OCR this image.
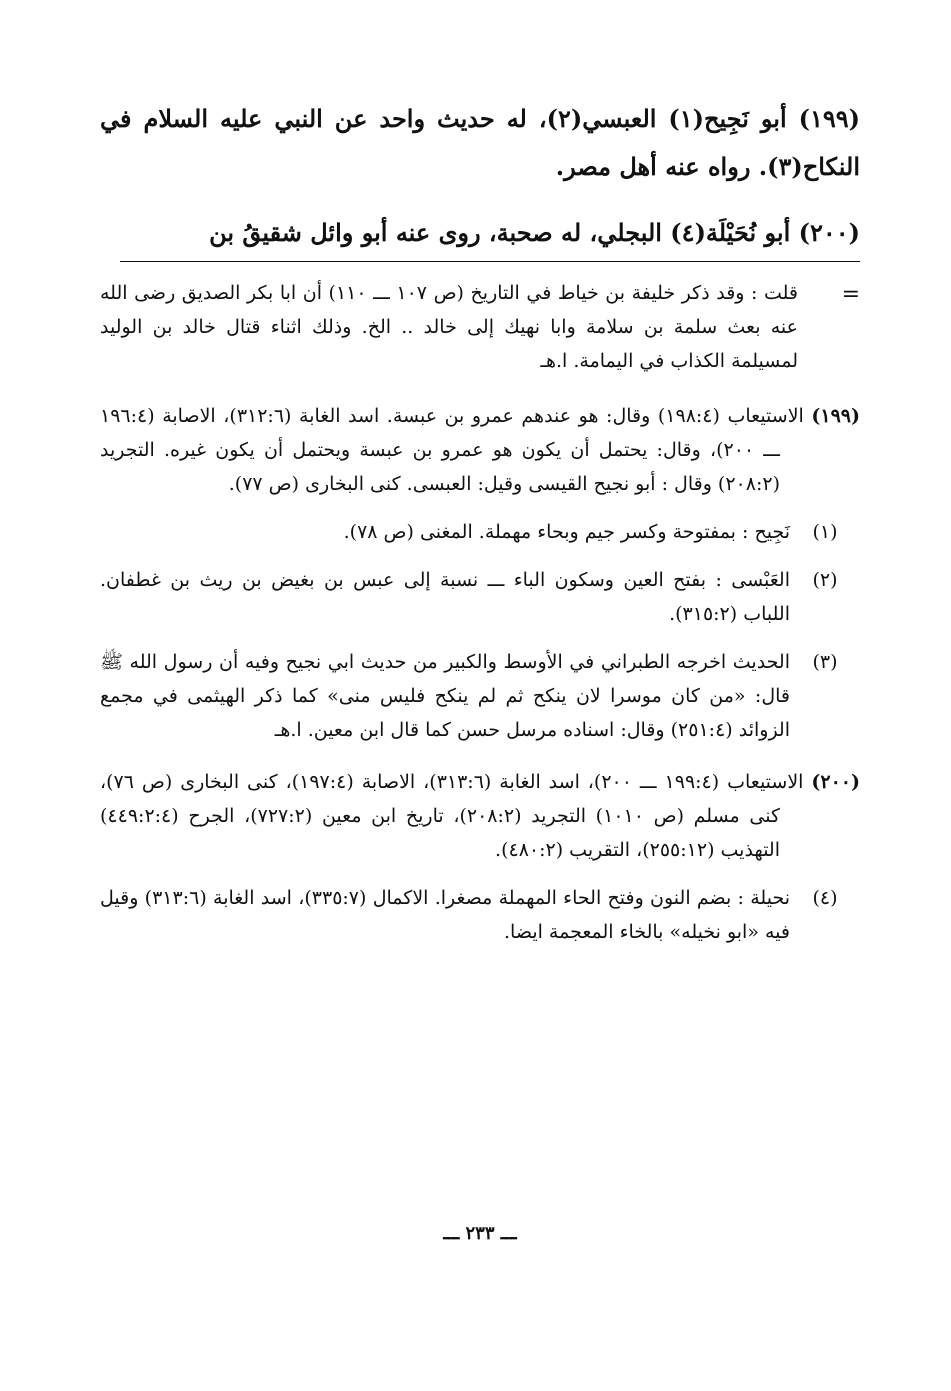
(١٩٩) أبو نَجِيح(١) العبسي(٢)، له حديث واحد عن النبي عليه السلام في النكاح(٣). رواه عنه أهل مصر.

(٢٠٠) أبو نُحَيْلَة(٤) البجلي، له صحبة، روى عنه أبو وائل شقيقُ بن

=
قلت : وقد ذكر خليفة بن خياط في التاريخ (ص ١٠٧ ـــ ١١٠) أن ابا بكر الصديق رضى الله عنه بعث سلمة بن سلامة وابا نهيك إلى خالد .. الخ. وذلك اثناء قتال خالد بن الوليد لمسيلمة الكذاب في اليمامة. ا.هـ
(١٩٩) الاستيعاب (١٩٨:٤) وقال: هو عندهم عمرو بن عبسة. اسد الغابة (٣١٢:٦)، الاصابة (١٩٦:٤ ـــ ٢٠٠)، وقال: يحتمل أن يكون هو عمرو بن عبسة ويحتمل أن يكون غيره. التجريد (٢٠٨:٢) وقال : أبو نجيح القيسى وقيل: العبسى. كنى البخارى (ص ٧٧).
(١)
نَجِيح : بمفتوحة وكسر جيم وبحاء مهملة. المغنى (ص ٧٨).
(٢)
العَبْسى : بفتح العين وسكون الباء ـــ نسبة إلى عبس بن بغيض بن ريث بن غطفان. اللباب (٣١٥:٢).
(٣)
الحديث اخرجه الطبراني في الأوسط والكبير من حديث ابي نجيح وفيه أن رسول الله ﷺ قال: «من كان موسرا لان ينكح ثم لم ينكح فليس منى» كما ذكر الهيثمى في مجمع الزوائد (٢٥١:٤) وقال: اسناده مرسل حسن كما قال ابن معين. ا.هـ
(٢٠٠) الاستيعاب (١٩٩:٤ ـــ ٢٠٠)، اسد الغابة (٣١٣:٦)، الاصابة (١٩٧:٤)، كنى البخارى (ص ٧٦)، كنى مسلم (ص ١٠١٠) التجريد (٢٠٨:٢)، تاريخ ابن معين (٧٢٧:٢)، الجرح (٤٤٩:٢:٤) التهذيب (٢٥٥:١٢)، التقريب (٤٨٠:٢).
(٤)
نحيلة : بضم النون وفتح الحاء المهملة مصغرا. الاكمال (٣٣٥:٧)، اسد الغابة (٣١٣:٦) وقيل فيه «ابو نخيله» بالخاء المعجمة ايضا.
ـــ ٢٣٣ ـــ
